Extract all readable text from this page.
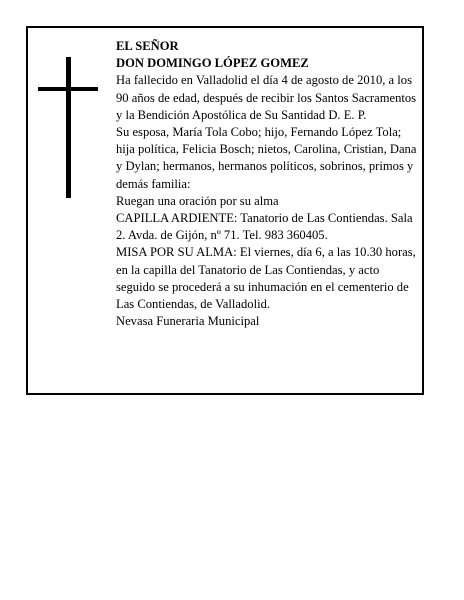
EL SEÑOR

DON DOMINGO LÓPEZ GOMEZ

Ha fallecido en Valladolid el día 4 de agosto de 2010, a los 90 años de edad, después de recibir los Santos Sacramentos y la Bendición Apostólica de Su Santidad D. E. P.

Su esposa, María Tola Cobo; hijo, Fernando López Tola; hija política, Felicia Bosch; nietos, Carolina, Cristian, Dana y Dylan; hermanos, hermanos políticos, sobrinos, primos y demás familia:

Ruegan una oración por su alma

CAPILLA ARDIENTE: Tanatorio de Las Contiendas. Sala 2. Avda. de Gijón, nº 71. Tel. 983 360405.

MISA POR SU ALMA: El viernes, día 6, a las 10.30 horas, en la capilla del Tanatorio de Las Contiendas, y acto seguido se procederá a su inhumación en el cementerio de Las Contiendas, de Valladolid.

Nevasa Funeraria Municipal
